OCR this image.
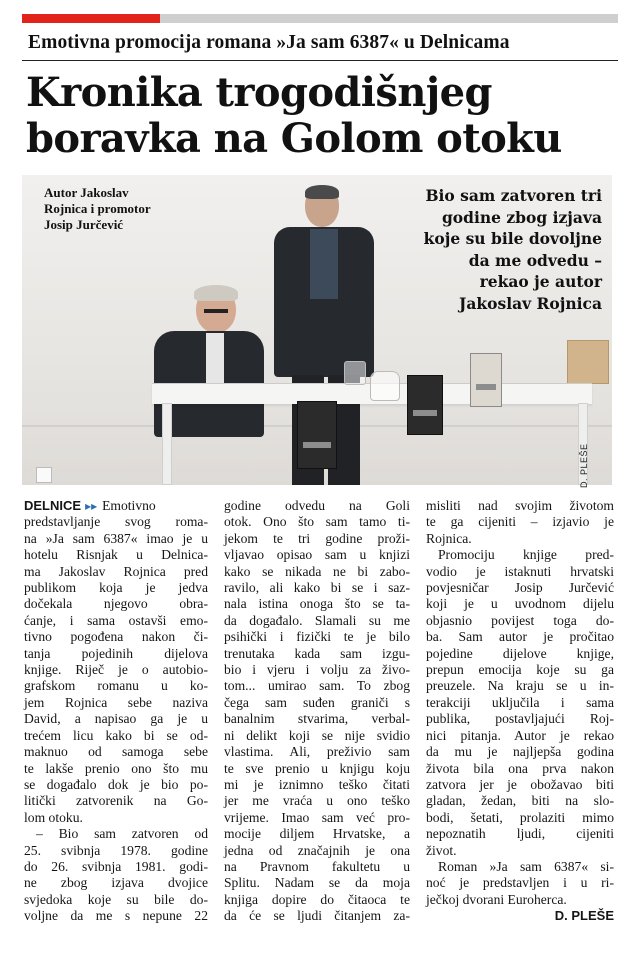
Emotivna promocija romana »Ja sam 6387« u Delnicama
Kronika trogodišnjeg
boravka na Golom otoku
Autor Jakoslav
Rojnica i promotor
Josip Jurčević
Bio sam zatvoren tri
godine zbog izjava
koje su bile dovoljne
da me odvedu –
rekao je autor
Jakoslav Rojnica
D. PLEŠE
DELNICE ▸▸ Emotivno
predstavljanje svog roma-
na »Ja sam 6387« imao je u
hotelu Risnjak u Delnica-
ma Jakoslav Rojnica pred
publikom koja je jedva
dočekala njegovo obra-
ćanje, i sama ostavši emo-
tivno pogođena nakon či-
tanja pojedinih dijelova
knjige. Riječ je o autobio-
grafskom romanu u ko-
jem Rojnica sebe naziva
David, a napisao ga je u
trećem licu kako bi se od-
maknuo od samoga sebe
te lakše prenio ono što mu
se događalo dok je bio po-
litički zatvorenik na Go-
lom otoku.
– Bio sam zatvoren od
25. svibnja 1978. godine
do 26. svibnja 1981. godi-
ne zbog izjava dvojice
svjedoka koje su bile do-
voljne da me s nepune 22
godine odvedu na Goli
otok. Ono što sam tamo ti-
jekom te tri godine proži-
vljavao opisao sam u knjizi
kako se nikada ne bi zabo-
ravilo, ali kako bi se i saz-
nala istina onoga što se ta-
da događalo. Slamali su me
psihički i fizički te je bilo
trenutaka kada sam izgu-
bio i vjeru i volju za živo-
tom... umirao sam. To zbog
čega sam suđen graniči s
banalnim stvarima, verbal-
ni delikt koji se nije svidio
vlastima. Ali, preživio sam
te sve prenio u knjigu koju
mi je iznimno teško čitati
jer me vraća u ono teško
vrijeme. Imao sam već pro-
mocije diljem Hrvatske, a
jedna od značajnih je ona
na Pravnom fakultetu u
Splitu. Nadam se da moja
knjiga dopire do čitaoca te
da će se ljudi čitanjem za-
misliti nad svojim životom
te ga cijeniti – izjavio je
Rojnica.
Promociju knjige pred-
vodio je istaknuti hrvatski
povjesničar Josip Jurčević
koji je u uvodnom dijelu
objasnio povijest toga do-
ba. Sam autor je pročitao
pojedine dijelove knjige,
prepun emocija koje su ga
preuzele. Na kraju se u in-
terakciji uključila i sama
publika, postavljajući Roj-
nici pitanja. Autor je rekao
da mu je najljepša godina
života bila ona prva nakon
zatvora jer je obožavao biti
gladan, žedan, biti na slo-
bodi, šetati, prolaziti mimo
nepoznatih ljudi, cijeniti
život.
Roman »Ja sam 6387« si-
noć je predstavljen i u ri-
ječkoj dvorani Euroherca.
D. PLEŠE
